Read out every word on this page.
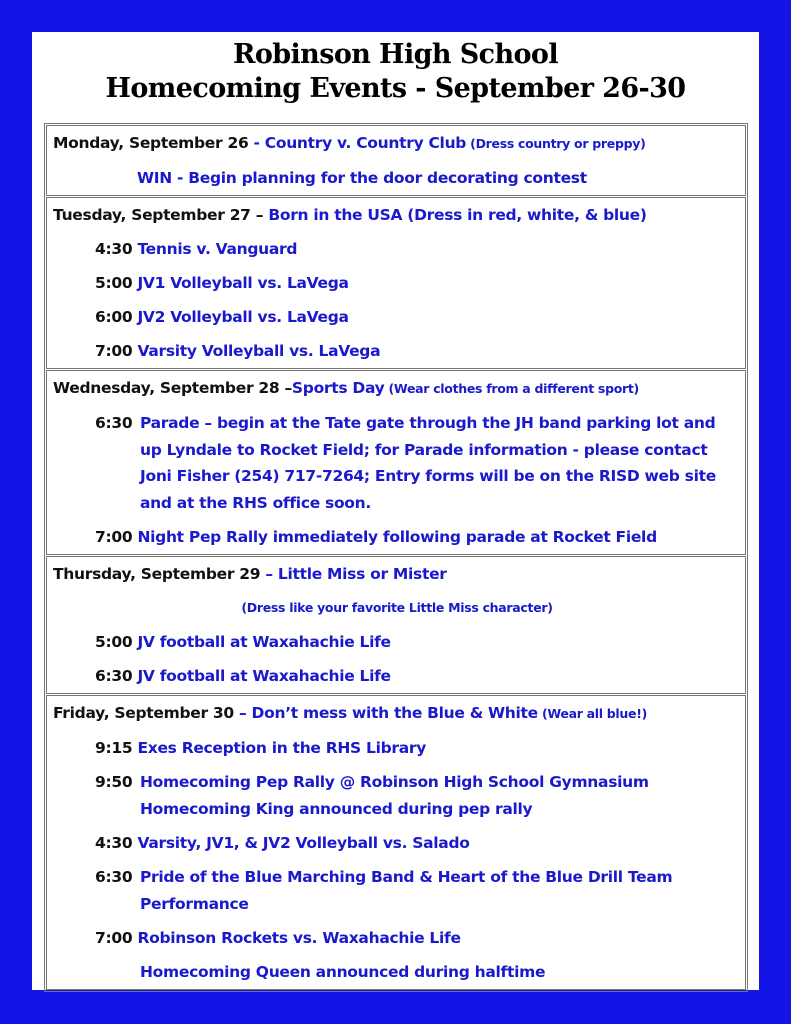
Robinson High School
Homecoming Events - September 26-30
Monday, September 26 - Country v. Country Club (Dress country or preppy)
WIN - Begin planning for the door decorating contest
Tuesday, September 27 – Born in the USA (Dress in red, white, & blue)
4:30 Tennis v. Vanguard
5:00 JV1 Volleyball vs. LaVega
6:00 JV2 Volleyball vs. LaVega
7:00 Varsity Volleyball vs. LaVega
Wednesday, September 28 –Sports Day (Wear clothes from a different sport)
6:30 Parade – begin at the Tate gate through the JH band parking lot and up Lyndale to Rocket Field; for Parade information - please contact Joni Fisher (254) 717-7264; Entry forms will be on the RISD web site and at the RHS office soon.
7:00 Night Pep Rally immediately following parade at Rocket Field
Thursday, September 29 – Little Miss or Mister
(Dress like your favorite Little Miss character)
5:00 JV football at Waxahachie Life
6:30 JV football at Waxahachie Life
Friday, September 30 – Don’t mess with the Blue & White (Wear all blue!)
9:15 Exes Reception in the RHS Library
9:50 Homecoming Pep Rally @ Robinson High School Gymnasium Homecoming King announced during pep rally
4:30 Varsity, JV1, & JV2 Volleyball vs. Salado
6:30 Pride of the Blue Marching Band & Heart of the Blue Drill Team Performance
7:00 Robinson Rockets vs. Waxahachie Life
Homecoming Queen announced during halftime
